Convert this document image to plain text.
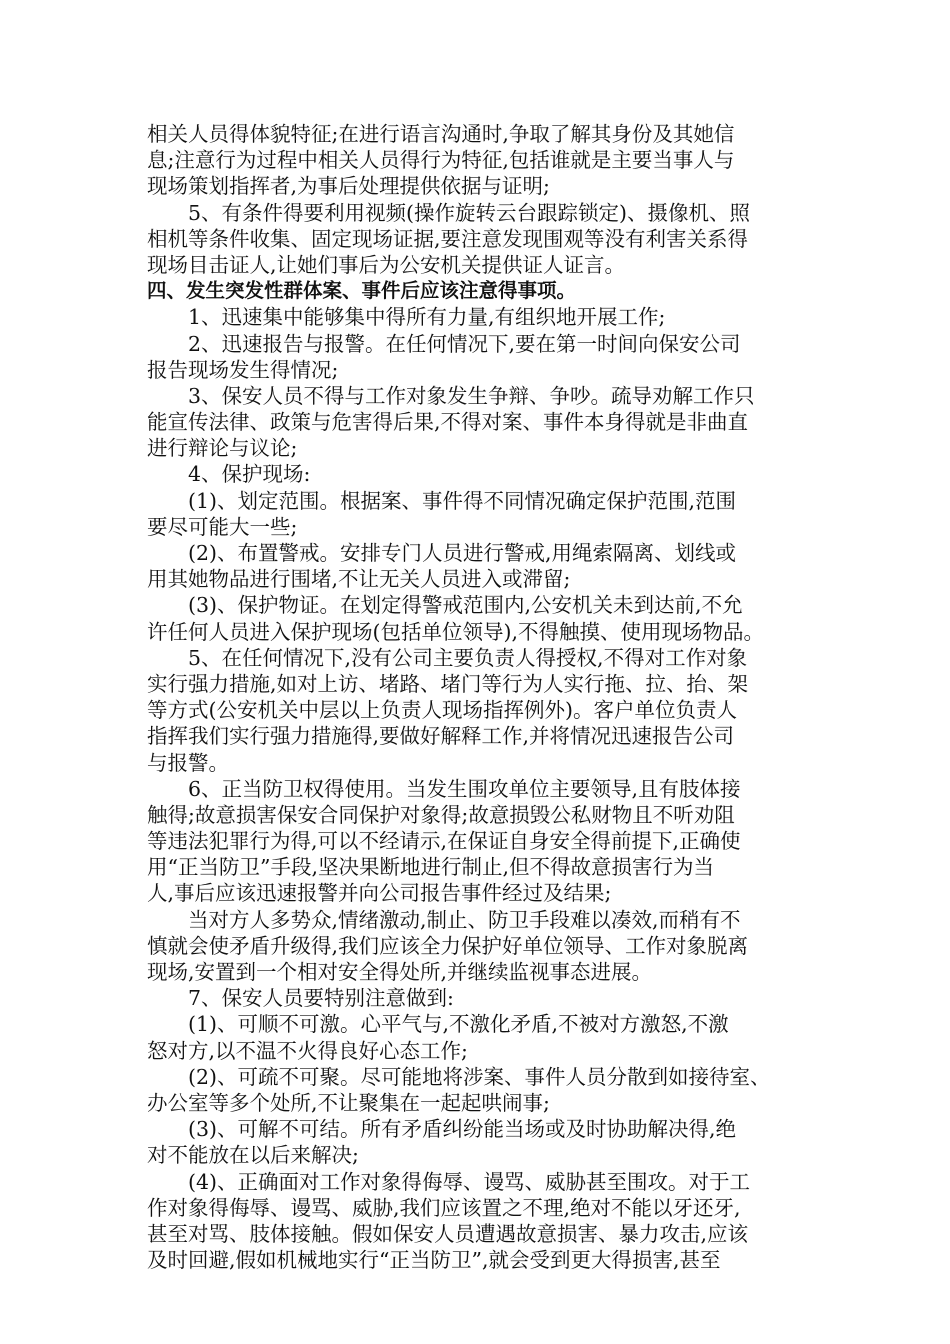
相关人员得体貌特征;在进行语言沟通时,争取了解其身份及其她信
息;注意行为过程中相关人员得行为特征,包括谁就是主要当事人与
现场策划指挥者,为事后处理提供依据与证明;
5、有条件得要利用视频(操作旋转云台跟踪锁定)、摄像机、照
相机等条件收集、固定现场证据,要注意发现围观等没有利害关系得
现场目击证人,让她们事后为公安机关提供证人证言。
四、发生突发性群体案、事件后应该注意得事项。
1、迅速集中能够集中得所有力量,有组织地开展工作;
2、迅速报告与报警。在任何情况下,要在第一时间向保安公司
报告现场发生得情况;
3、保安人员不得与工作对象发生争辩、争吵。疏导劝解工作只
能宣传法律、政策与危害得后果,不得对案、事件本身得就是非曲直
进行辩论与议论;
4、保护现场:
(1)、划定范围。根据案、事件得不同情况确定保护范围,范围
要尽可能大一些;
(2)、布置警戒。安排专门人员进行警戒,用绳索隔离、划线或
用其她物品进行围堵,不让无关人员进入或滞留;
(3)、保护物证。在划定得警戒范围内,公安机关未到达前,不允
许任何人员进入保护现场(包括单位领导),不得触摸、使用现场物品。
5、在任何情况下,没有公司主要负责人得授权,不得对工作对象
实行强力措施,如对上访、堵路、堵门等行为人实行拖、拉、抬、架
等方式(公安机关中层以上负责人现场指挥例外)。客户单位负责人
指挥我们实行强力措施得,要做好解释工作,并将情况迅速报告公司
与报警。
6、正当防卫权得使用。当发生围攻单位主要领导,且有肢体接
触得;故意损害保安合同保护对象得;故意损毁公私财物且不听劝阻
等违法犯罪行为得,可以不经请示,在保证自身安全得前提下,正确使
用“正当防卫”手段,坚决果断地进行制止,但不得故意损害行为当
人,事后应该迅速报警并向公司报告事件经过及结果;
当对方人多势众,情绪激动,制止、防卫手段难以凑效,而稍有不
慎就会使矛盾升级得,我们应该全力保护好单位领导、工作对象脱离
现场,安置到一个相对安全得处所,并继续监视事态进展。
7、保安人员要特别注意做到:
(1)、可顺不可激。心平气与,不激化矛盾,不被对方激怒,不激
怒对方,以不温不火得良好心态工作;
(2)、可疏不可聚。尽可能地将涉案、事件人员分散到如接待室、
办公室等多个处所,不让聚集在一起起哄闹事;
(3)、可解不可结。所有矛盾纠纷能当场或及时协助解决得,绝
对不能放在以后来解决;
(4)、正确面对工作对象得侮辱、谩骂、威胁甚至围攻。对于工
作对象得侮辱、谩骂、威胁,我们应该置之不理,绝对不能以牙还牙,
甚至对骂、肢体接触。假如保安人员遭遇故意损害、暴力攻击,应该
及时回避,假如机械地实行“正当防卫”,就会受到更大得损害,甚至
